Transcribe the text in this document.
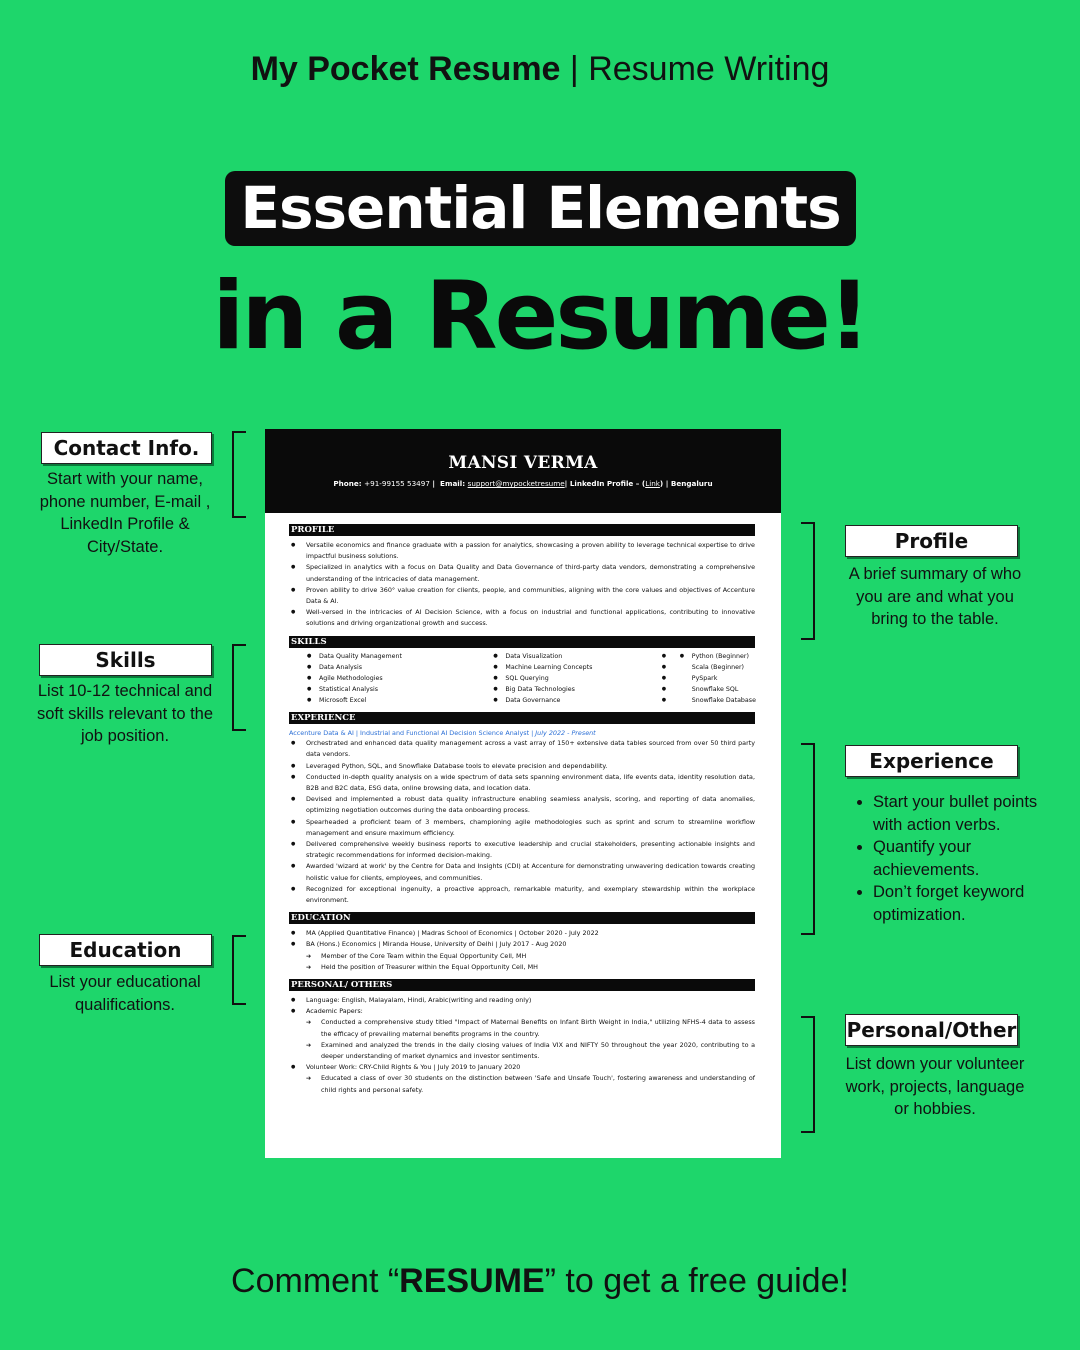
My Pocket Resume | Resume Writing
Essential Elements
in a Resume!
Contact Info.
Start with your name, phone number, E-mail , LinkedIn Profile & City/State.
Skills
List 10-12 technical and soft skills relevant to the job position.
Education
List your educational qualifications.
Profile
A brief summary of who you are and what you bring to the table.
Experience
• Start your bullet points with action verbs.
• Quantify your achievements.
• Don’t forget keyword optimization.
Personal/Other
List down your volunteer work, projects, language or hobbies.
MANSI VERMA
Phone: +91-99155 53497 |  Email: support@mypocketresume| LinkedIn Profile – (Link) | Bengaluru
PROFILE
● Versatile economics and finance graduate with a passion for analytics, showcasing a proven ability to leverage technical expertise to drive impactful business solutions.
● Specialized in analytics with a focus on Data Quality and Data Governance of third-party data vendors, demonstrating a comprehensive understanding of the intricacies of data management.
● Proven ability to drive 360° value creation for clients, people, and communities, aligning with the core values and objectives of Accenture Data & AI.
● Well-versed in the intricacies of AI Decision Science, with a focus on industrial and functional applications, contributing to innovative solutions and driving organizational growth and success.
SKILLS
● ● Data Quality Management
● Data Analysis
● Agile Methodologies
● Statistical Analysis
● Microsoft Excel
● ● Data Visualization
● Machine Learning Concepts
● SQL Querying
● Big Data Technologies
● Data Governance
● ● Python (Beginner)
● Scala (Beginner)
● PySpark
● Snowflake SQL
● Snowflake Database
EXPERIENCE
Accenture Data & AI | Industrial and Functional AI Decision Science Analyst | July 2022 - Present
● Orchestrated and enhanced data quality management across a vast array of 150+ extensive data tables sourced from over 50 third party data vendors.
● Leveraged Python, SQL, and Snowflake Database tools to elevate precision and dependability.
● Conducted in-depth quality analysis on a wide spectrum of data sets spanning environment data, life events data, identity resolution data, B2B and B2C data, ESG data, online browsing data, and location data.
● Devised and implemented a robust data quality infrastructure enabling seamless analysis, scoring, and reporting of data anomalies, optimizing negotiation outcomes during the data onboarding process.
● Spearheaded a proficient team of 3 members, championing agile methodologies such as sprint and scrum to streamline workflow management and ensure maximum efficiency.
● Delivered comprehensive weekly business reports to executive leadership and crucial stakeholders, presenting actionable insights and strategic recommendations for informed decision-making.
● Awarded 'wizard at work' by the Centre for Data and Insights (CDI) at Accenture for demonstrating unwavering dedication towards creating holistic value for clients, employees, and communities.
● Recognized for exceptional ingenuity, a proactive approach, remarkable maturity, and exemplary stewardship within the workplace environment.
EDUCATION
● MA (Applied Quantitative Finance) | Madras School of Economics | October 2020 - July 2022
● BA (Hons.) Economics | Miranda House, University of Delhi | July 2017 - Aug 2020
➔ Member of the Core Team within the Equal Opportunity Cell, MH
➔ Held the position of Treasurer within the Equal Opportunity Cell, MH
PERSONAL/ OTHERS
● Language: English, Malayalam, Hindi, Arabic(writing and reading only)
● Academic Papers:
➔ Conducted a comprehensive study titled "Impact of Maternal Benefits on Infant Birth Weight in India," utilizing NFHS-4 data to assess the efficacy of prevailing maternal benefits programs in the country.
➔ Examined and analyzed the trends in the daily closing values of India VIX and NIFTY 50 throughout the year 2020, contributing to a deeper understanding of market dynamics and investor sentiments.
● Volunteer Work: CRY-Child Rights & You | July 2019 to January 2020
➔ Educated a class of over 30 students on the distinction between 'Safe and Unsafe Touch', fostering awareness and understanding of child rights and personal safety.
Comment “RESUME” to get a free guide!
